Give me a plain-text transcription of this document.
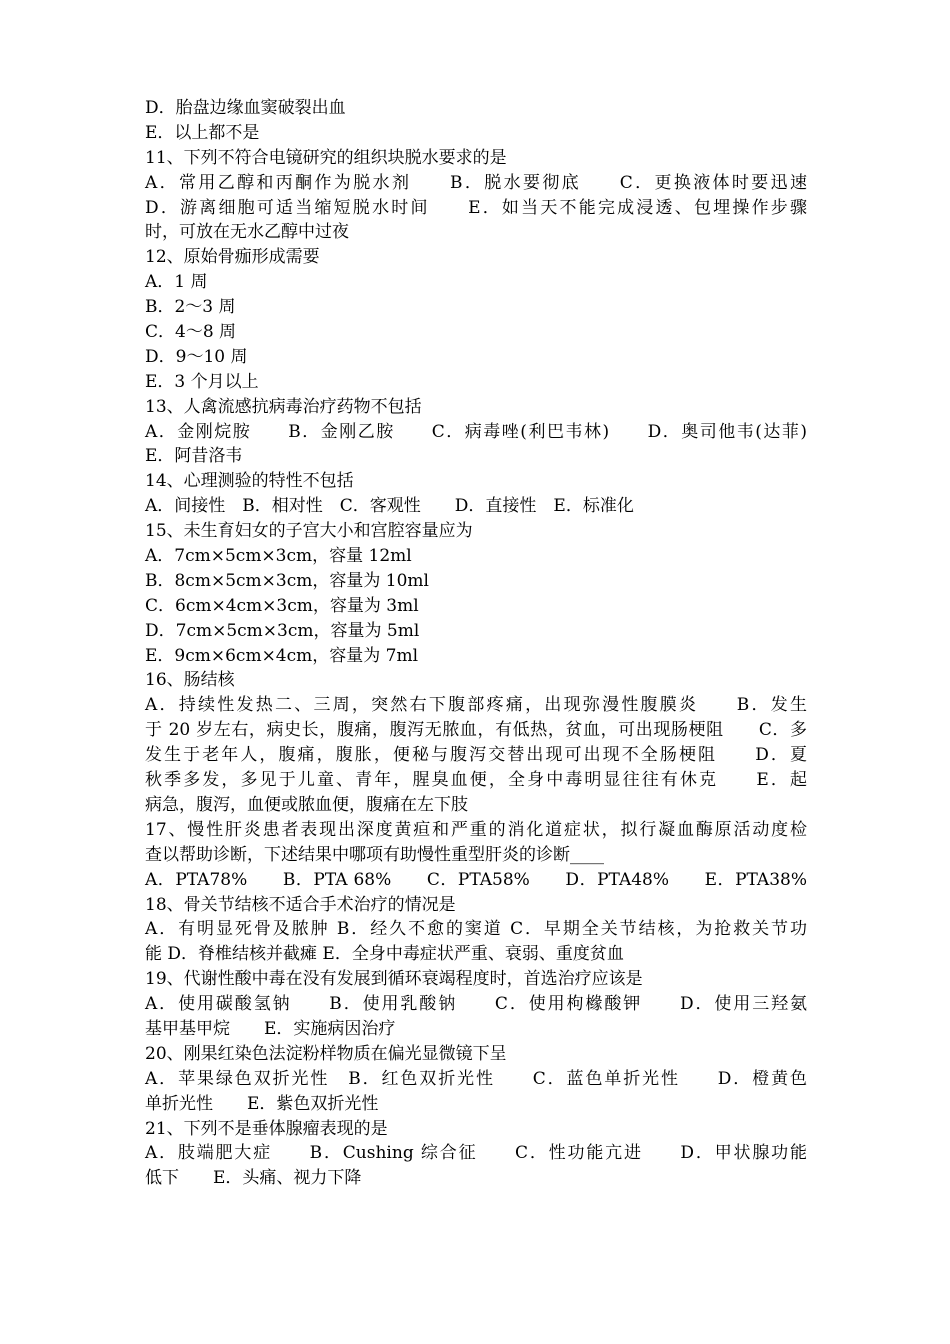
D．胎盘边缘血窦破裂出血
E．以上都不是
11、下列不符合电镜研究的组织块脱水要求的是
A．常用乙醇和丙酮作为脱水剂　　B．脱水要彻底　　C．更换液体时要迅速
D．游离细胞可适当缩短脱水时间　　E．如当天不能完成浸透、包埋操作步骤
时，可放在无水乙醇中过夜
12、原始骨痂形成需要
A．1 周
B．2～3 周
C．4～8 周
D．9～10 周
E．3 个月以上
13、人禽流感抗病毒治疗药物不包括
A．金刚烷胺　　B．金刚乙胺　　C．病毒唑(利巴韦林)　　D．奥司他韦(达菲)
E．阿昔洛韦
14、心理测验的特性不包括
A．间接性　B．相对性　C．客观性　　D．直接性　E．标准化
15、未生育妇女的子宫大小和宫腔容量应为
A．7cm×5cm×3cm，容量 12ml
B．8cm×5cm×3cm，容量为 10ml
C．6cm×4cm×3cm，容量为 3ml
D．7cm×5cm×3cm，容量为 5ml
E．9cm×6cm×4cm，容量为 7ml
16、肠结核
A．持续性发热二、三周，突然右下腹部疼痛，出现弥漫性腹膜炎　　B．发生
于 20 岁左右，病史长，腹痛，腹泻无脓血，有低热，贫血，可出现肠梗阻　　C．多
发生于老年人，腹痛，腹胀，便秘与腹泻交替出现可出现不全肠梗阻　　D．夏
秋季多发，多见于儿童、青年，腥臭血便，全身中毒明显往往有休克　　E．起
病急，腹泻，血便或脓血便，腹痛在左下肢
17、慢性肝炎患者表现出深度黄疸和严重的消化道症状，拟行凝血酶原活动度检
查以帮助诊断，下述结果中哪项有助慢性重型肝炎的诊断____
A．PTA78%　　B．PTA 68%　　C．PTA58%　　D．PTA48%　　E．PTA38%
18、骨关节结核不适合手术治疗的情况是
A．有明显死骨及脓肿 B．经久不愈的窦道 C．早期全关节结核，为抢救关节功
能 D．脊椎结核并截瘫 E．全身中毒症状严重、衰弱、重度贫血
19、代谢性酸中毒在没有发展到循环衰竭程度时，首选治疗应该是
A．使用碳酸氢钠　　B．使用乳酸钠　　C．使用枸橼酸钾　　D．使用三羟氨
基甲基甲烷　　E．实施病因治疗
20、刚果红染色法淀粉样物质在偏光显微镜下呈
A．苹果绿色双折光性　B．红色双折光性　　C．蓝色单折光性　　D．橙黄色
单折光性　　E．紫色双折光性
21、下列不是垂体腺瘤表现的是
A．肢端肥大症　　B．Cushing 综合征　　C．性功能亢进　　D．甲状腺功能
低下　　E．头痛、视力下降
